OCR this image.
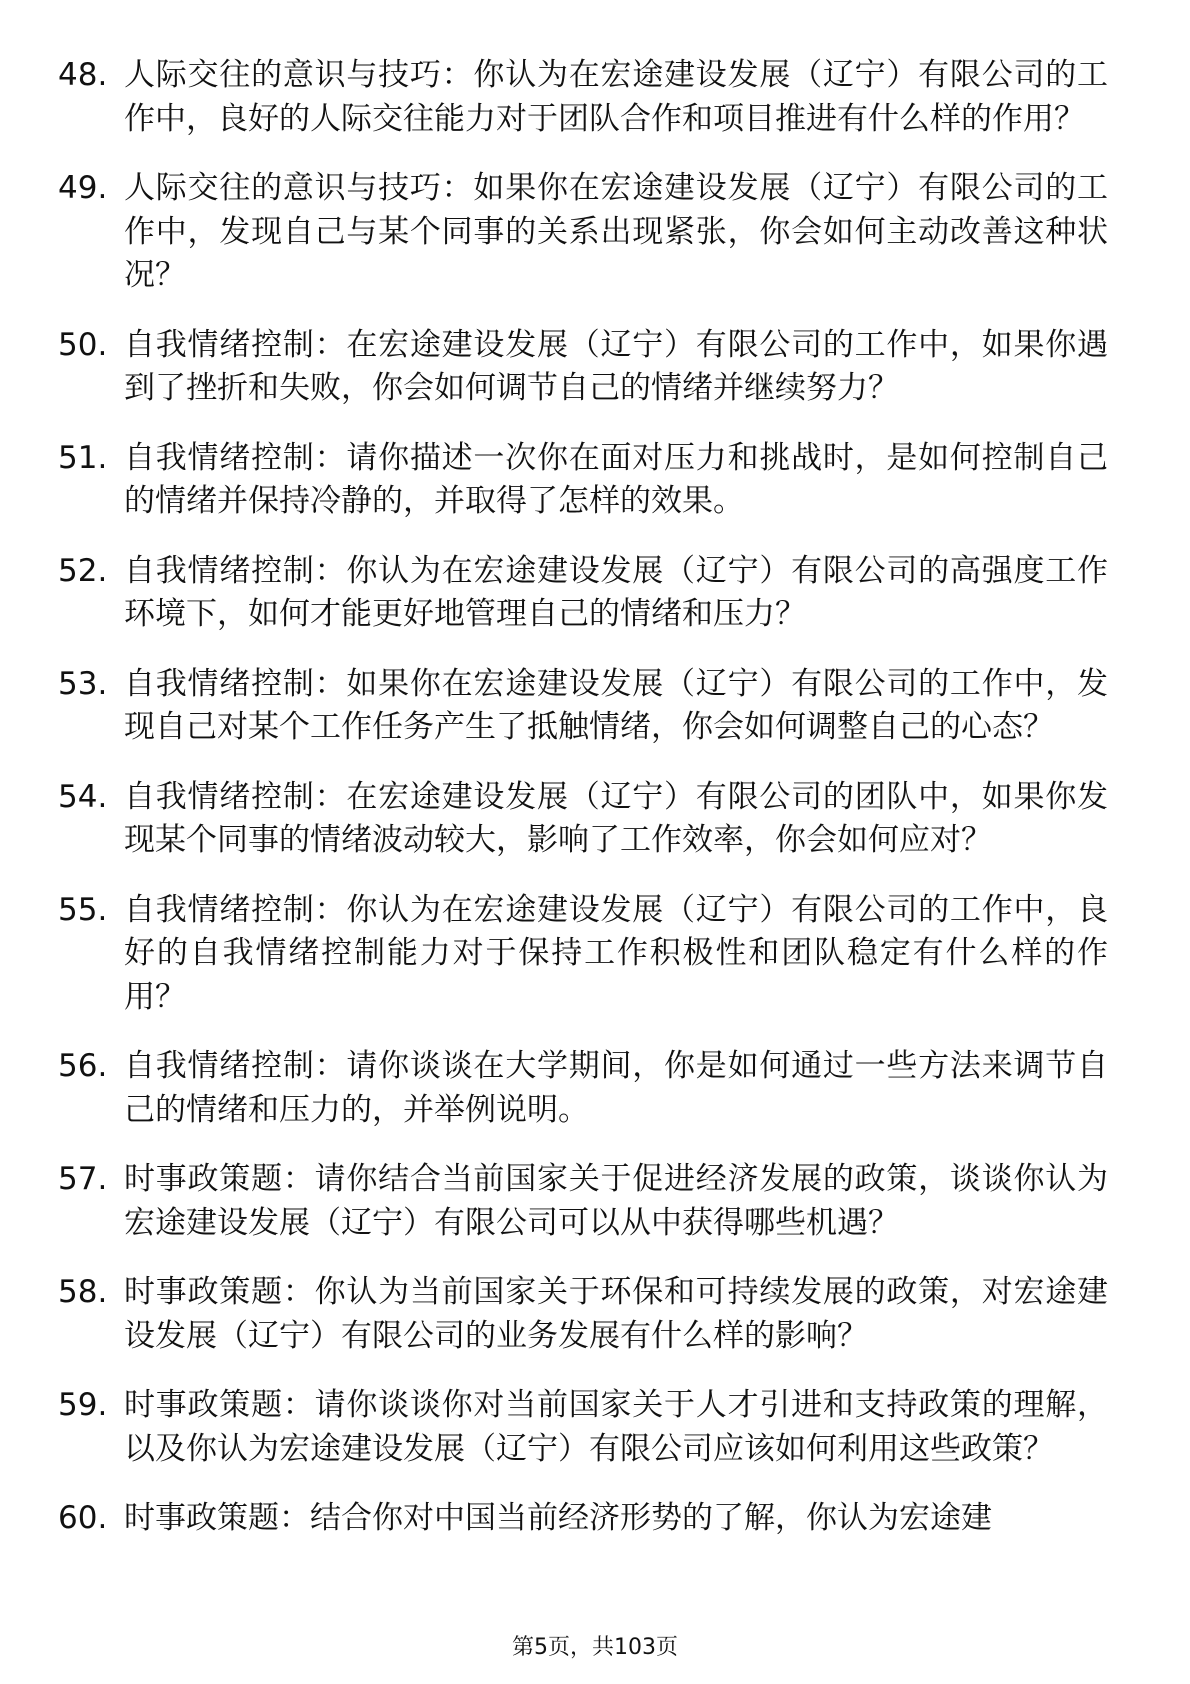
48. 人际交往的意识与技巧：你认为在宏途建设发展（辽宁）有限公司的工作中，良好的人际交往能力对于团队合作和项目推进有什么样的作用？
49. 人际交往的意识与技巧：如果你在宏途建设发展（辽宁）有限公司的工作中，发现自己与某个同事的关系出现紧张，你会如何主动改善这种状况？
50. 自我情绪控制：在宏途建设发展（辽宁）有限公司的工作中，如果你遇到了挫折和失败，你会如何调节自己的情绪并继续努力？
51. 自我情绪控制：请你描述一次你在面对压力和挑战时，是如何控制自己的情绪并保持冷静的，并取得了怎样的效果。
52. 自我情绪控制：你认为在宏途建设发展（辽宁）有限公司的高强度工作环境下，如何才能更好地管理自己的情绪和压力？
53. 自我情绪控制：如果你在宏途建设发展（辽宁）有限公司的工作中，发现自己对某个工作任务产生了抵触情绪，你会如何调整自己的心态？
54. 自我情绪控制：在宏途建设发展（辽宁）有限公司的团队中，如果你发现某个同事的情绪波动较大，影响了工作效率，你会如何应对？
55. 自我情绪控制：你认为在宏途建设发展（辽宁）有限公司的工作中，良好的自我情绪控制能力对于保持工作积极性和团队稳定有什么样的作用？
56. 自我情绪控制：请你谈谈在大学期间，你是如何通过一些方法来调节自己的情绪和压力的，并举例说明。
57. 时事政策题：请你结合当前国家关于促进经济发展的政策，谈谈你认为宏途建设发展（辽宁）有限公司可以从中获得哪些机遇？
58. 时事政策题：你认为当前国家关于环保和可持续发展的政策，对宏途建设发展（辽宁）有限公司的业务发展有什么样的影响？
59. 时事政策题：请你谈谈你对当前国家关于人才引进和支持政策的理解，以及你认为宏途建设发展（辽宁）有限公司应该如何利用这些政策？
60. 时事政策题：结合你对中国当前经济形势的了解，你认为宏途建
第5页，共103页
